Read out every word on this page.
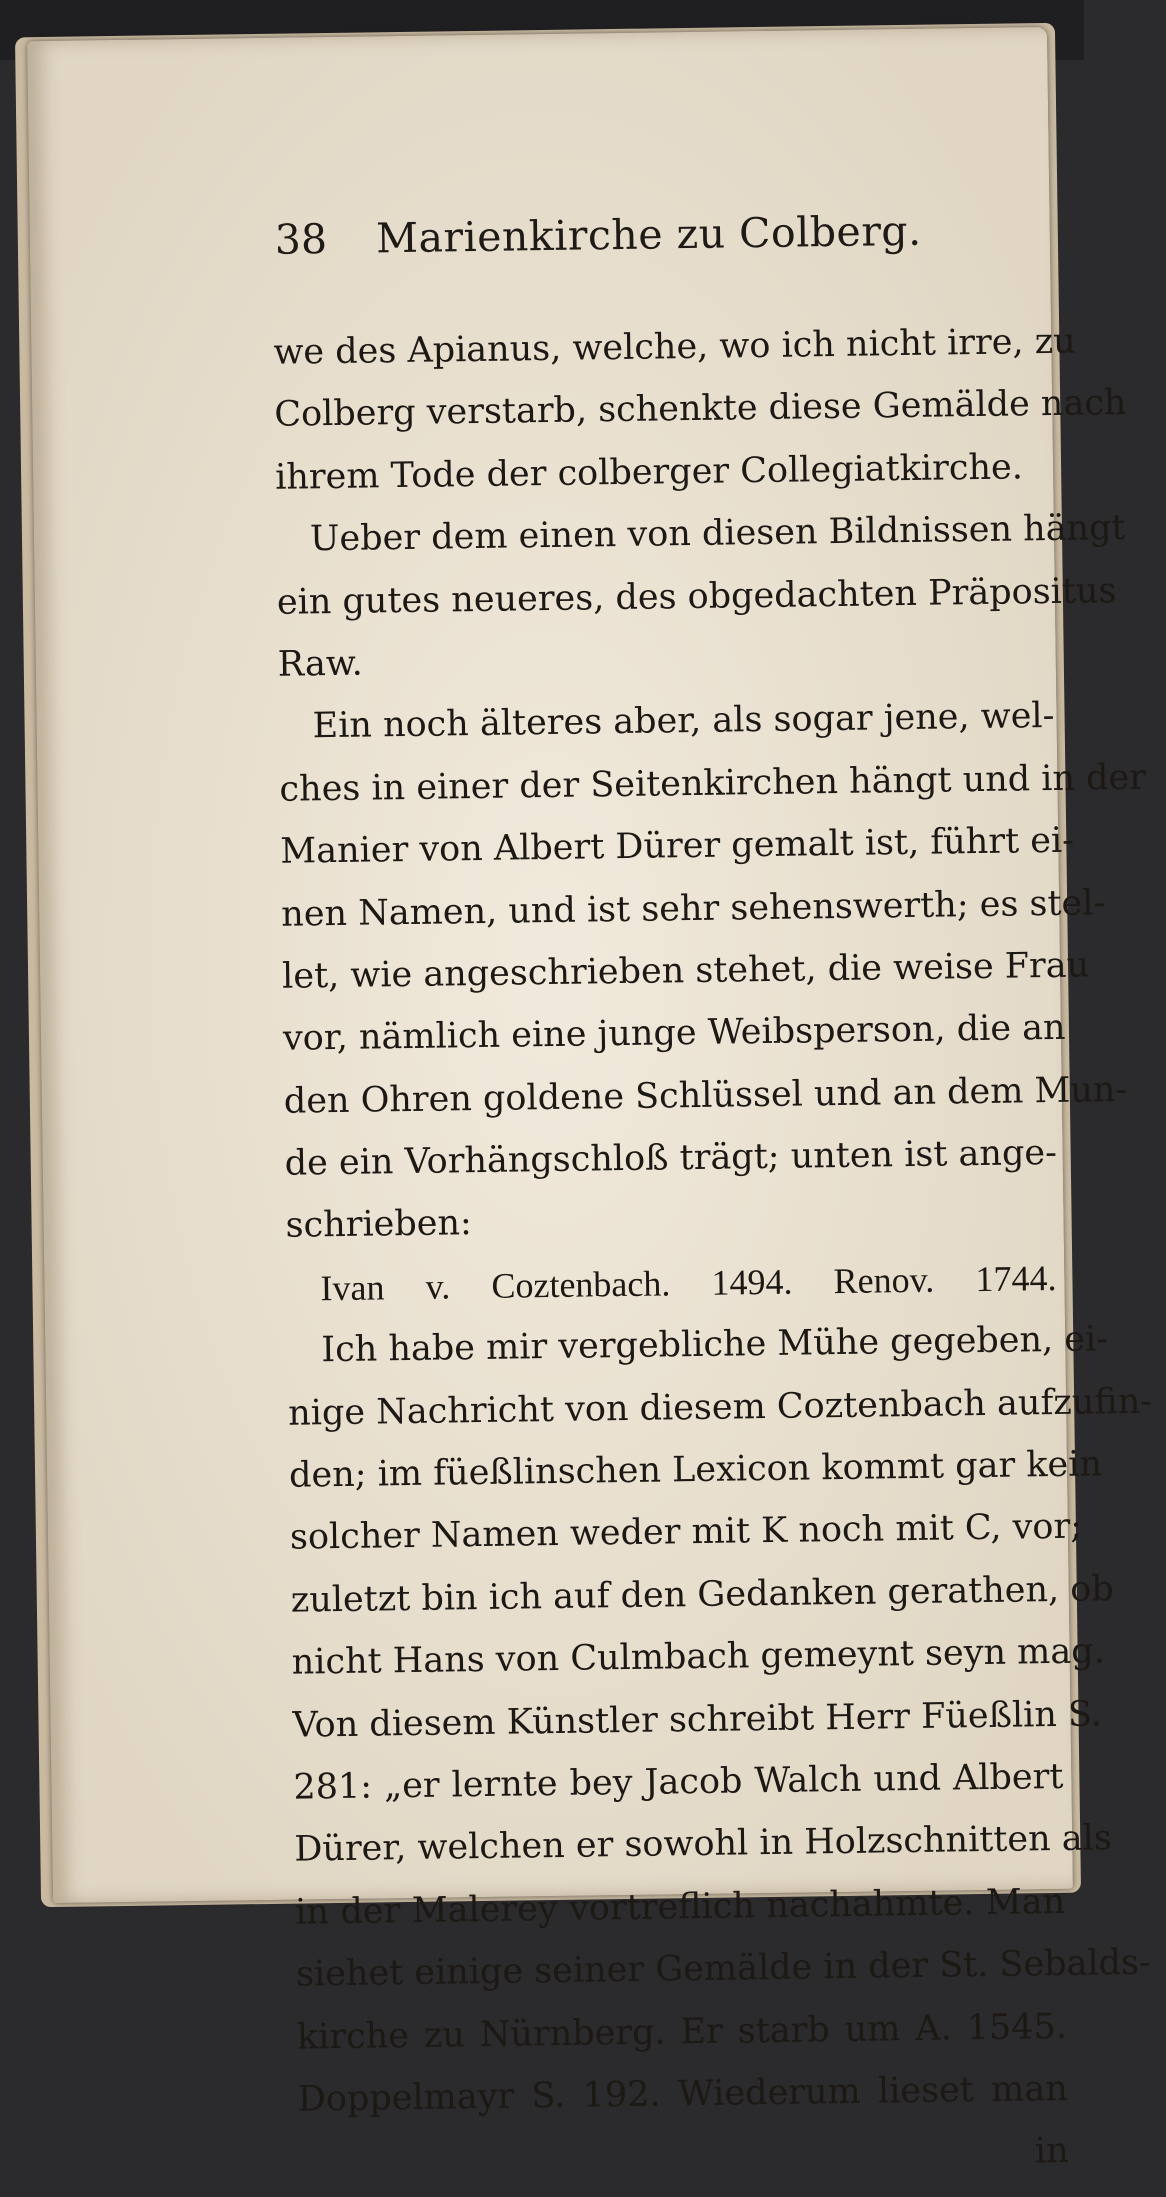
38 Marienkirche zu Colberg.
we des Apianus, welche, wo ich nicht irre, zu
Colberg verstarb, schenkte diese Gemälde nach
ihrem Tode der colberger Collegiatkirche.
Ueber dem einen von diesen Bildnissen hängt
ein gutes neueres, des obgedachten Präpositus
Raw.
Ein noch älteres aber, als sogar jene, wel-
ches in einer der Seitenkirchen hängt und in der
Manier von Albert Dürer gemalt ist, führt ei-
nen Namen, und ist sehr sehenswerth; es stel-
let, wie angeschrieben stehet, die weise Frau
vor, nämlich eine junge Weibsperson, die an
den Ohren goldene Schlüssel und an dem Mun-
de ein Vorhängschloß trägt; unten ist ange-
schrieben:
Ivan v. Coztenbach. 1494. Renov. 1744.
Ich habe mir vergebliche Mühe gegeben, ei-
nige Nachricht von diesem Coztenbach aufzufin-
den; im füeßlinschen Lexicon kommt gar kein
solcher Namen weder mit K noch mit C, vor;
zuletzt bin ich auf den Gedanken gerathen, ob
nicht Hans von Culmbach gemeynt seyn mag.
Von diesem Künstler schreibt Herr Füeßlin S.
281: „er lernte bey Jacob Walch und Albert
Dürer, welchen er sowohl in Holzschnitten als
in der Malerey vortreflich nachahmte. Man
siehet einige seiner Gemälde in der St. Sebalds-
kirche zu Nürnberg. Er starb um A. 1545.
Doppelmayr S. 192. Wiederum lieset man
in
